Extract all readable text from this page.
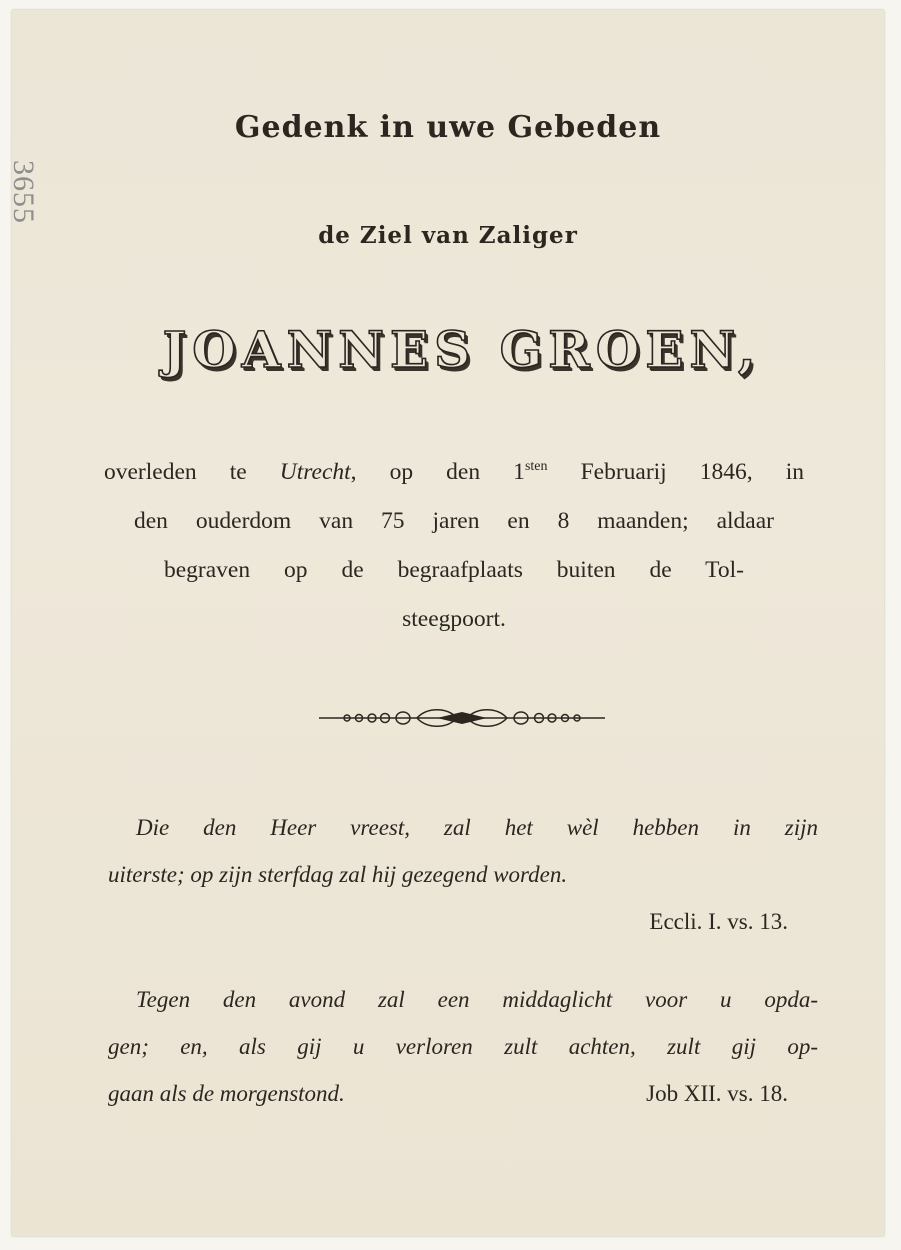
3655
Gedenk in uwe Gebeden
de Ziel van Zaliger
JOANNES GROEN,
overleden te Utrecht, op den $1^{sten}$ Februarij 1846, in
den ouderdom van 75 jaren en 8 maanden; aldaar
begraven op de begraafplaats buiten de Tol-
steegpoort.
Die den Heer vreest, zal het wèl hebben in zijn
uiterste; op zijn sterfdag zal hij gezegend worden.
Eccli. I. vs. 13.
Tegen den avond zal een middaglicht voor u opda-
gen; en, als gij u verloren zult achten, zult gij op-
gaan als de morgenstond.	Job XII. vs. 18.
